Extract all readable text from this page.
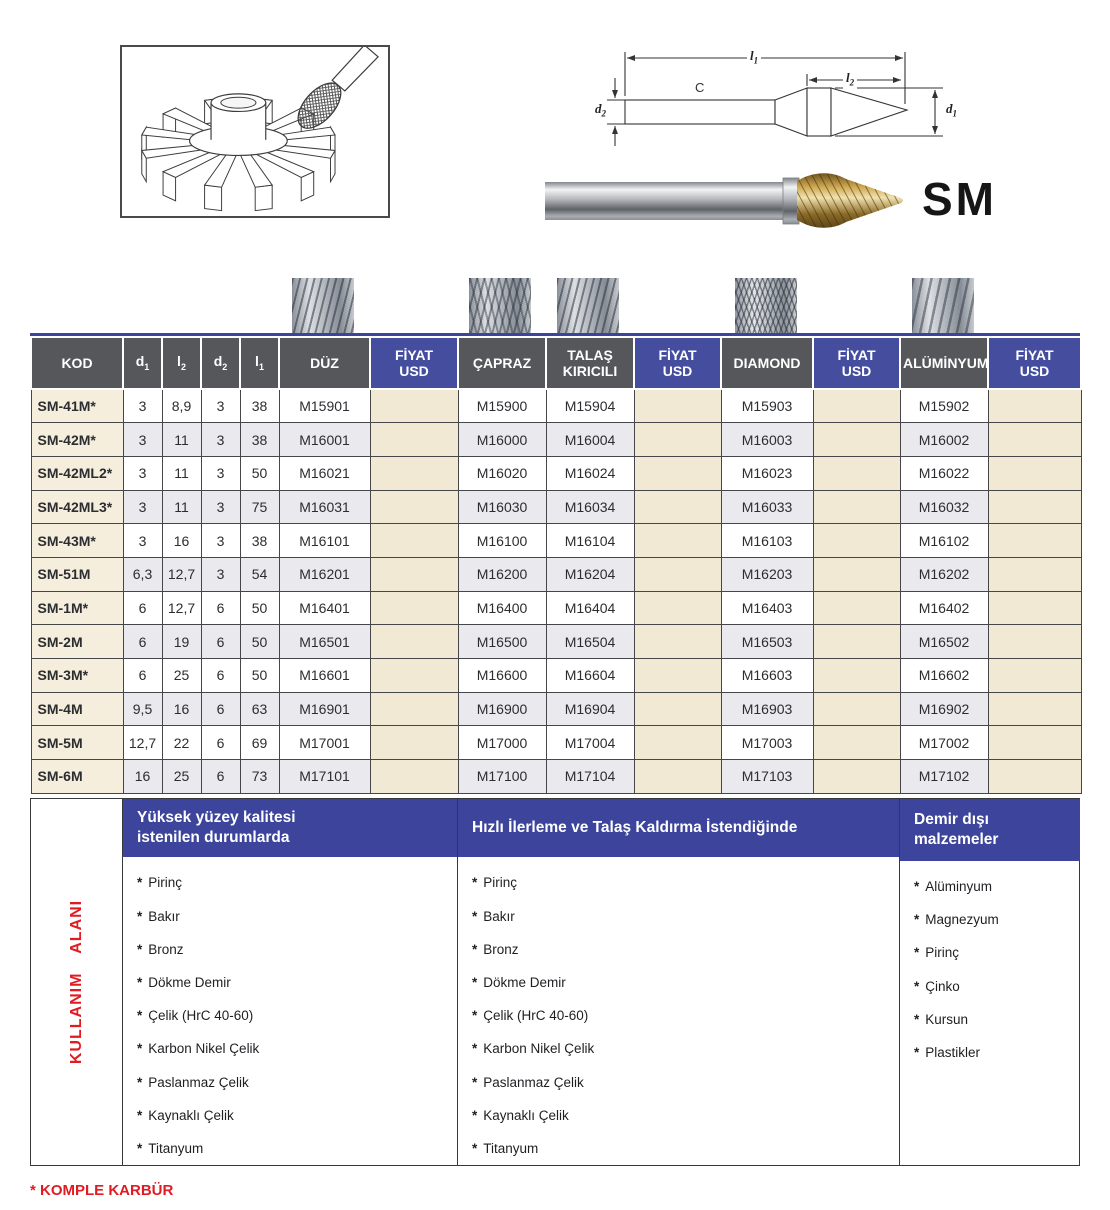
$l_1$
$l_2$
$d_1$
$d_2$
C
SM
KOD	$d_1$	$l_2$	$d_2$	$l_1$	DÜZ	FİYAT
USD	ÇAPRAZ	TALAŞ
KIRICILI	FİYAT
USD	DIAMOND	FİYAT
USD	ALÜMİNYUM	FİYAT
USD
SM-41M*	3	8,9	3	38	M15901		M15900	M15904		M15903		M15902	
SM-42M*	3	11	3	38	M16001		M16000	M16004		M16003		M16002	
SM-42ML2*	3	11	3	50	M16021		M16020	M16024		M16023		M16022	
SM-42ML3*	3	11	3	75	M16031		M16030	M16034		M16033		M16032	
SM-43M*	3	16	3	38	M16101		M16100	M16104		M16103		M16102	
SM-51M	6,3	12,7	3	54	M16201		M16200	M16204		M16203		M16202	
SM-1M*	6	12,7	6	50	M16401		M16400	M16404		M16403		M16402	
SM-2M	6	19	6	50	M16501		M16500	M16504		M16503		M16502	
SM-3M*	6	25	6	50	M16601		M16600	M16604		M16603		M16602	
SM-4M	9,5	16	6	63	M16901		M16900	M16904		M16903		M16902	
SM-5M	12,7	22	6	69	M17001		M17000	M17004		M17003		M17002	
SM-6M	16	25	6	73	M17101		M17100	M17104		M17103		M17102	
KULLANIM ALANI
Yüksek yüzey kalitesi istenilen durumlarda
* Pirinç
* Bakır
* Bronz
* Dökme Demir
* Çelik (HrC 40-60)
* Karbon Nikel Çelik
* Paslanmaz Çelik
* Kaynaklı Çelik
* Titanyum
Hızlı İlerleme ve Talaş Kaldırma İstendiğinde
* Pirinç
* Bakır
* Bronz
* Dökme Demir
* Çelik (HrC 40-60)
* Karbon Nikel Çelik
* Paslanmaz Çelik
* Kaynaklı Çelik
* Titanyum
Demir dışı malzemeler
* Alüminyum
* Magnezyum
* Pirinç
* Çinko
* Kursun
* Plastikler
* KOMPLE KARBÜR
